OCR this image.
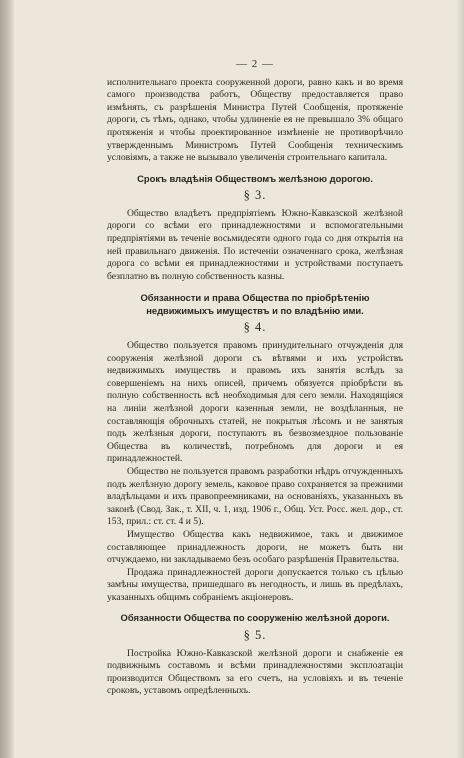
— 2 —

исполнительнаго проекта сооруженной дороги, равно какъ и во время самого производства работъ, Обществу предоставляется право измѣнять, съ разрѣшенія Министра Путей Сообщенія, протяженіе дороги, съ тѣмъ, однако, чтобы удлиненіе ея не превышало 3% общаго протяженія и чтобы проектированное измѣненіе не противорѣчило утвержденнымъ Министромъ Путей Сообщенія техническимъ условіямъ, а также не вызывало увеличенія строительнаго капитала.

Срокъ владѣнія Обществомъ желѣзною дорогою.
§ 3.

Общество владѣетъ предпріятіемъ Южно-Кавказской желѣзной дороги со всѣми его принадлежностями и вспомогательными предпріятіями въ теченіе восьмидесяти одного года со дня открытія на ней правильнаго движенія. По истеченіи означеннаго срока, желѣзная дорога со всѣми ея принадлежностями и устройствами поступаетъ безплатно въ полную собственность казны.

Обязанности и права Общества по пріобрѣтенію недвижимыхъ имуществъ и по владѣнію ими.
§ 4.

Общество пользуется правомъ принудительнаго отчужденія для сооруженія желѣзной дороги съ вѣтвями и ихъ устройствъ недвижимыхъ имуществъ и правомъ ихъ занятія вслѣдъ за совершеніемъ на нихъ описей, причемъ обязуется пріобрѣсти въ полную собственность всѣ необходимыя для сего земли. Находящіяся на линіи желѣзной дороги казенныя земли, не воздѣланныя, не составляющія оброчныхъ статей, не покрытыя лѣсомъ и не занятыя подъ желѣзныя дороги, поступаютъ въ безвозмездное пользованіе Общества въ количествѣ, потребномъ для дороги и ея принадлежностей.

Общество не пользуется правомъ разработки нѣдръ отчужденныхъ подъ желѣзную дорогу земель, каковое право сохраняется за прежними владѣльцами и ихъ правопреемниками, на основаніяхъ, указанныхъ въ законѣ (Свод. Зак., т. XII, ч. 1, изд. 1906 г., Общ. Уст. Росс. жел. дор., ст. 153, прил.: ст. ст. 4 и 5).

Имущество Общества какъ недвижимое, такъ и движимое составляющее принадлежность дороги, не можетъ быть ни отчуждаемо, ни закладываемо безъ особаго разрѣшенія Правительства.

Продажа принадлежностей дороги допускается только съ цѣлью замѣны имущества, пришедшаго въ негодность, и лишь въ предѣлахъ, указанныхъ общимъ собраніемъ акціонеровъ.

Обязанности Общества по сооруженію желѣзной дороги.
§ 5.

Постройка Южно-Кавказской желѣзной дороги и снабженіе ея подвижнымъ составомъ и всѣми принадлежностями эксплоатаціи производится Обществомъ за его счетъ, на условіяхъ и въ теченіе сроковъ, уставомъ опредѣленныхъ.
